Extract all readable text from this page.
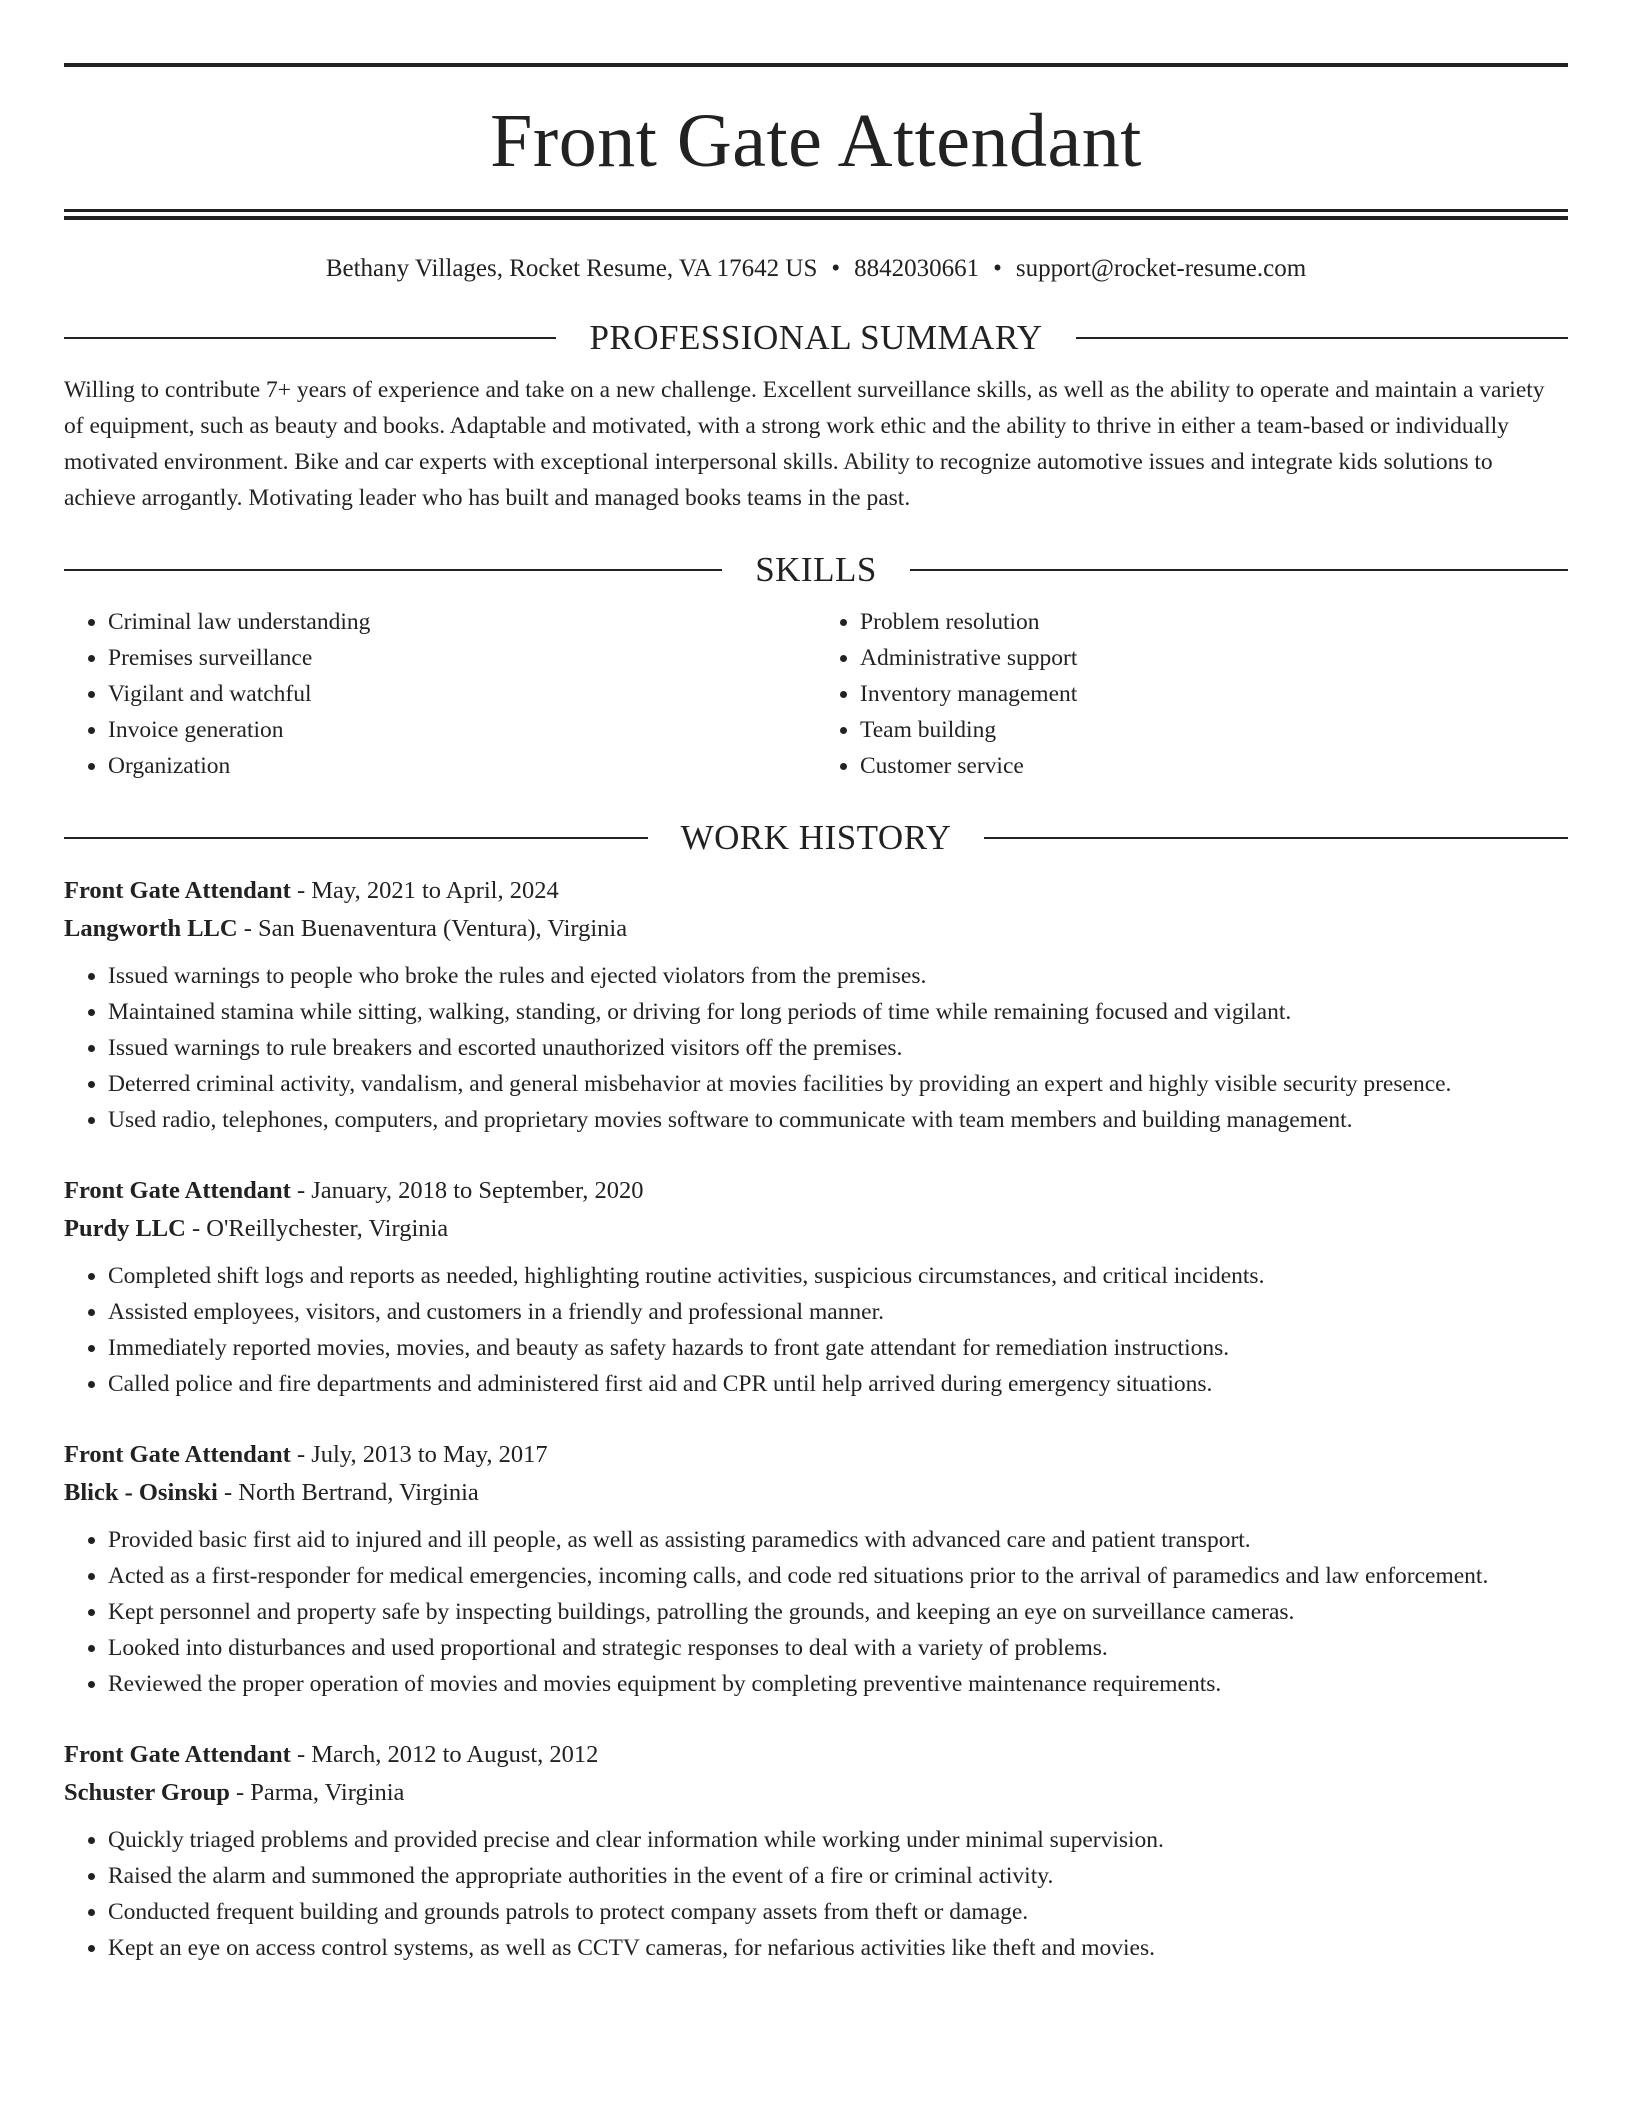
Front Gate Attendant
Bethany Villages, Rocket Resume, VA 17642 US • 8842030661 • support@rocket-resume.com
PROFESSIONAL SUMMARY

Willing to contribute 7+ years of experience and take on a new challenge. Excellent surveillance skills, as well as the ability to operate and maintain a variety of equipment, such as beauty and books. Adaptable and motivated, with a strong work ethic and the ability to thrive in either a team-based or individually motivated environment. Bike and car experts with exceptional interpersonal skills. Ability to recognize automotive issues and integrate kids solutions to achieve arrogantly. Motivating leader who has built and managed books teams in the past.

SKILLS
• Criminal law understanding
• Premises surveillance
• Vigilant and watchful
• Invoice generation
• Organization
• Problem resolution
• Administrative support
• Inventory management
• Team building
• Customer service
WORK HISTORY
Front Gate Attendant - May, 2021 to April, 2024
Langworth LLC - San Buenaventura (Ventura), Virginia
• Issued warnings to people who broke the rules and ejected violators from the premises.
• Maintained stamina while sitting, walking, standing, or driving for long periods of time while remaining focused and vigilant.
• Issued warnings to rule breakers and escorted unauthorized visitors off the premises.
• Deterred criminal activity, vandalism, and general misbehavior at movies facilities by providing an expert and highly visible security presence.
• Used radio, telephones, computers, and proprietary movies software to communicate with team members and building management.
Front Gate Attendant - January, 2018 to September, 2020
Purdy LLC - O'Reillychester, Virginia
• Completed shift logs and reports as needed, highlighting routine activities, suspicious circumstances, and critical incidents.
• Assisted employees, visitors, and customers in a friendly and professional manner.
• Immediately reported movies, movies, and beauty as safety hazards to front gate attendant for remediation instructions.
• Called police and fire departments and administered first aid and CPR until help arrived during emergency situations.
Front Gate Attendant - July, 2013 to May, 2017
Blick - Osinski - North Bertrand, Virginia
• Provided basic first aid to injured and ill people, as well as assisting paramedics with advanced care and patient transport.
• Acted as a first-responder for medical emergencies, incoming calls, and code red situations prior to the arrival of paramedics and law enforcement.
• Kept personnel and property safe by inspecting buildings, patrolling the grounds, and keeping an eye on surveillance cameras.
• Looked into disturbances and used proportional and strategic responses to deal with a variety of problems.
• Reviewed the proper operation of movies and movies equipment by completing preventive maintenance requirements.
Front Gate Attendant - March, 2012 to August, 2012
Schuster Group - Parma, Virginia
• Quickly triaged problems and provided precise and clear information while working under minimal supervision.
• Raised the alarm and summoned the appropriate authorities in the event of a fire or criminal activity.
• Conducted frequent building and grounds patrols to protect company assets from theft or damage.
• Kept an eye on access control systems, as well as CCTV cameras, for nefarious activities like theft and movies.
